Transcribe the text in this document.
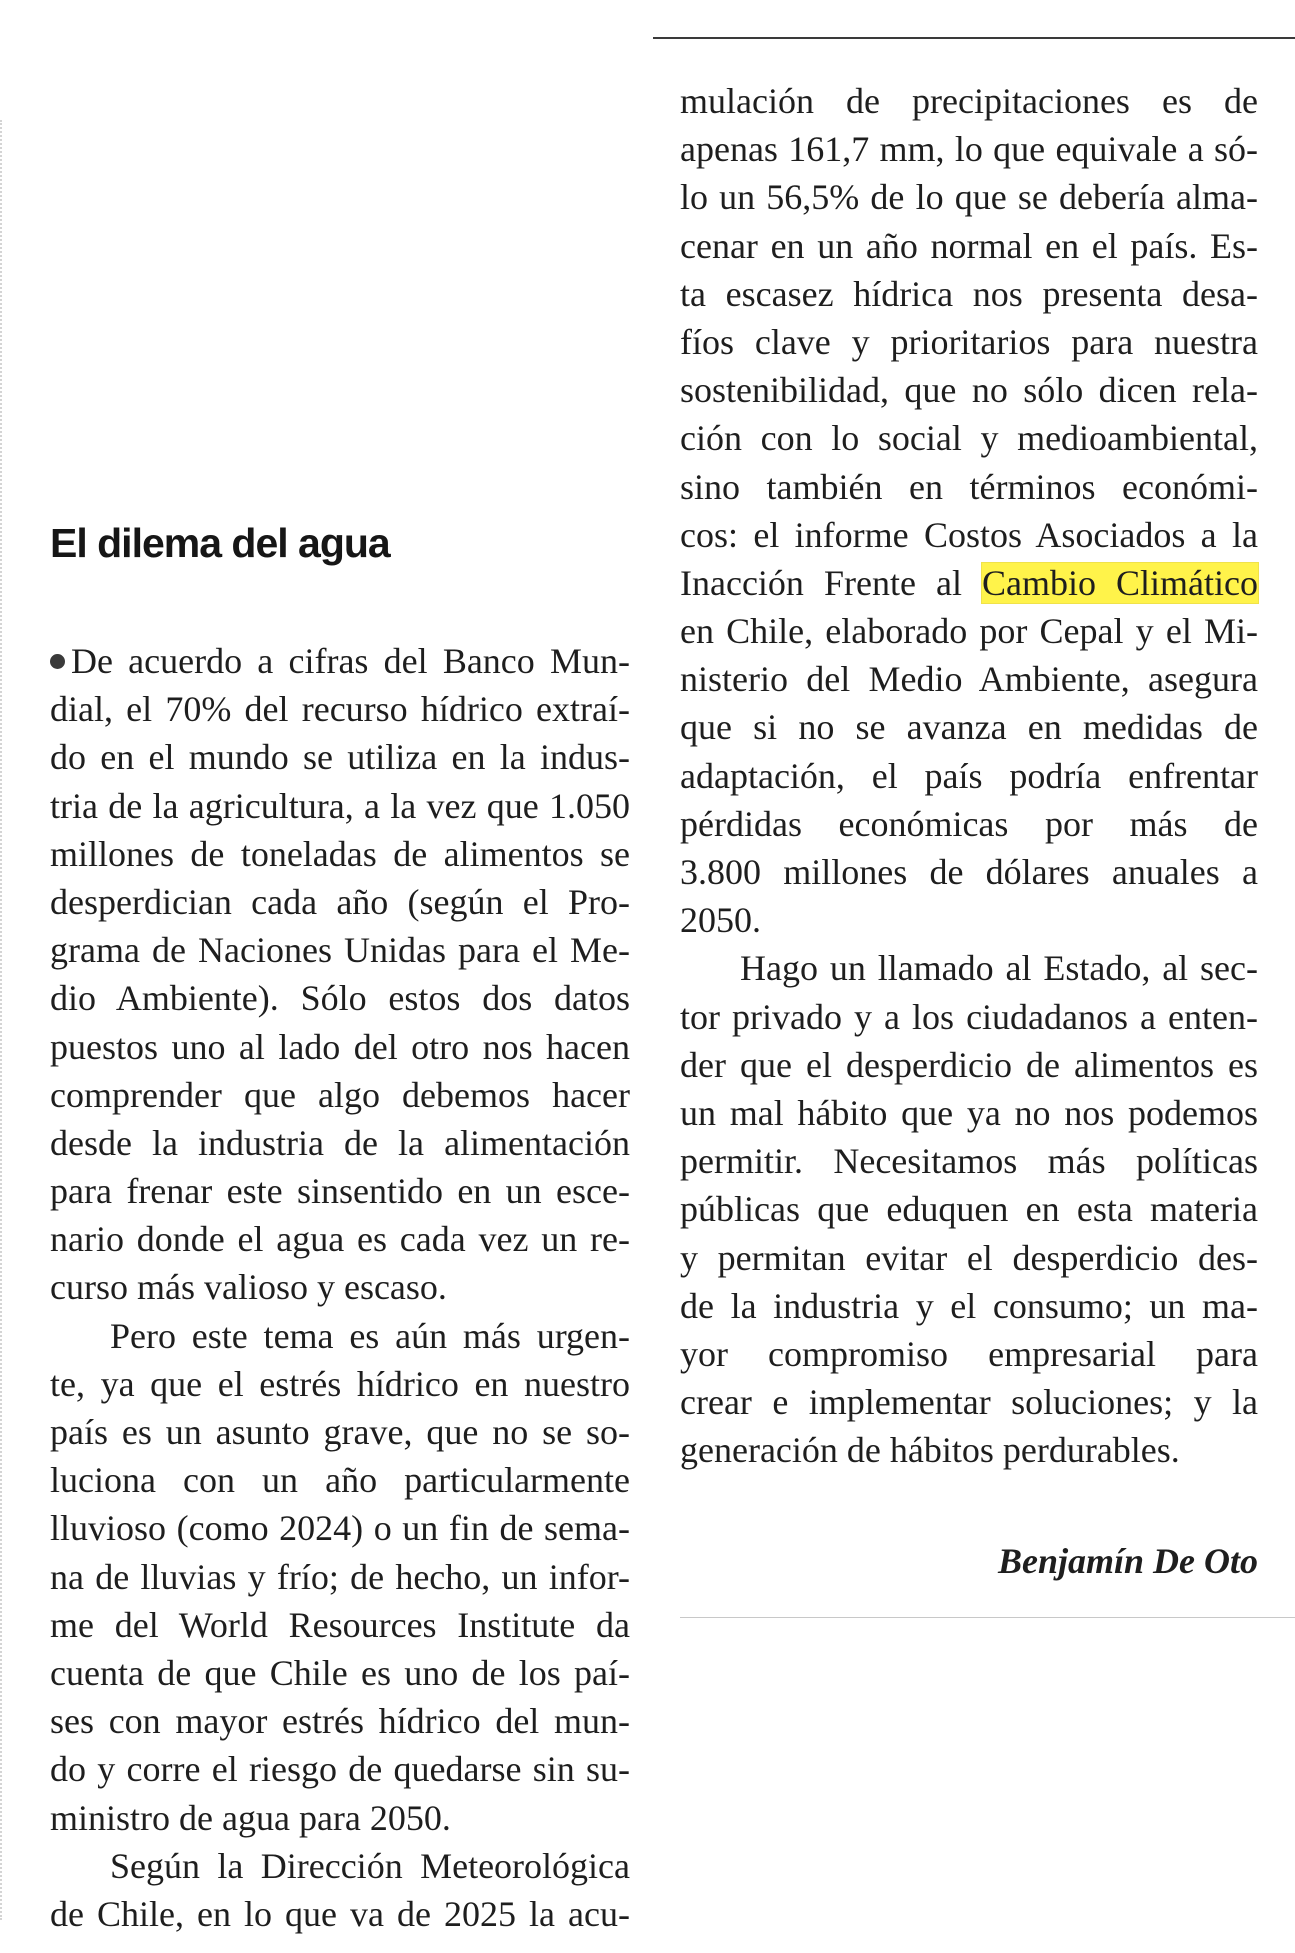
El dilema del agua
De acuerdo a cifras del Banco Mun-
dial, el 70% del recurso hídrico extraí-
do en el mundo se utiliza en la indus-
tria de la agricultura, a la vez que 1.050
millones de toneladas de alimentos se
desperdician cada año (según el Pro-
grama de Naciones Unidas para el Me-
dio Ambiente). Sólo estos dos datos
puestos uno al lado del otro nos hacen
comprender que algo debemos hacer
desde la industria de la alimentación
para frenar este sinsentido en un esce-
nario donde el agua es cada vez un re-
curso más valioso y escaso.
Pero este tema es aún más urgen-
te, ya que el estrés hídrico en nuestro
país es un asunto grave, que no se so-
luciona con un año particularmente
lluvioso (como 2024) o un fin de sema-
na de lluvias y frío; de hecho, un infor-
me del World Resources Institute da
cuenta de que Chile es uno de los paí-
ses con mayor estrés hídrico del mun-
do y corre el riesgo de quedarse sin su-
ministro de agua para 2050.
Según la Dirección Meteorológica
de Chile, en lo que va de 2025 la acu-
mulación de precipitaciones es de
apenas 161,7 mm, lo que equivale a só-
lo un 56,5% de lo que se debería alma-
cenar en un año normal en el país. Es-
ta escasez hídrica nos presenta desa-
fíos clave y prioritarios para nuestra
sostenibilidad, que no sólo dicen rela-
ción con lo social y medioambiental,
sino también en términos económi-
cos: el informe Costos Asociados a la
Inacción Frente al Cambio Climático
en Chile, elaborado por Cepal y el Mi-
nisterio del Medio Ambiente, asegura
que si no se avanza en medidas de
adaptación, el país podría enfrentar
pérdidas económicas por más de
3.800 millones de dólares anuales a
2050.
Hago un llamado al Estado, al sec-
tor privado y a los ciudadanos a enten-
der que el desperdicio de alimentos es
un mal hábito que ya no nos podemos
permitir. Necesitamos más políticas
públicas que eduquen en esta materia
y permitan evitar el desperdicio des-
de la industria y el consumo; un ma-
yor compromiso empresarial para
crear e implementar soluciones; y la
generación de hábitos perdurables.
Benjamín De Oto
